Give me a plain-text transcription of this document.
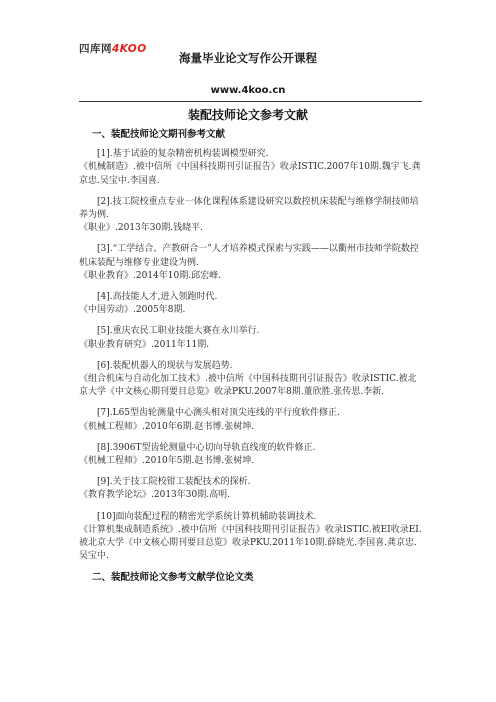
四库网4KOO
海量毕业论文写作公开课程
www.4koo.cn
装配技师论文参考文献
一、装配技师论文期刊参考文献

[1].基于试验的复杂精密机构装调模型研究.

《机械制造》.被中信所《中国科技期刊引证报告》收录ISTIC.2007年10期.魏宇飞.龚京忠.吴宝中.李国喜.

[2].技工院校重点专业一体化课程体系建设研究以数控机床装配与维修学制技师培养为例.

《职业》.2013年30期.钱晓平.

[3].“工学结合、产教研合一”人才培养模式探索与实践——以衢州市技师学院数控机床装配与维修专业建设为例.

《职业教育》.2014年10期.邱宏峰.

[4].高技能人才,进入领跑时代.

《中国劳动》.2005年8期.

[5].重庆农民工职业技能大赛在永川举行.

《职业教育研究》.2011年11期.

[6].装配机器人的现状与发展趋势.

《组合机床与自动化加工技术》.被中信所《中国科技期刊引证报告》收录ISTIC.被北京大学《中文核心期刊要目总览》收录PKU.2007年8期.董欣胜.张传思.李新.

[7].L65型齿轮测量中心测头相对顶尖连线的平行度软件修正.

《机械工程师》.2010年6期.赵书博.张树坤.

[8].3906T型齿轮测量中心切向导轨直线度的软件修正.

《机械工程师》.2010年5期.赵书博.张树坤.

[9].关于技工院校钳工装配技术的探析.

《教育教学论坛》.2013年30期.高明.

[10]面向装配过程的精密光学系统计算机辅助装调技术.

《计算机集成制造系统》.被中信所《中国科技期刊引证报告》收录ISTIC.被EI收录EI.被北京大学《中文核心期刊要目总览》收录PKU.2011年10期.薛晓光.李国喜.龚京忠.吴宝中.

二、装配技师论文参考文献学位论文类
